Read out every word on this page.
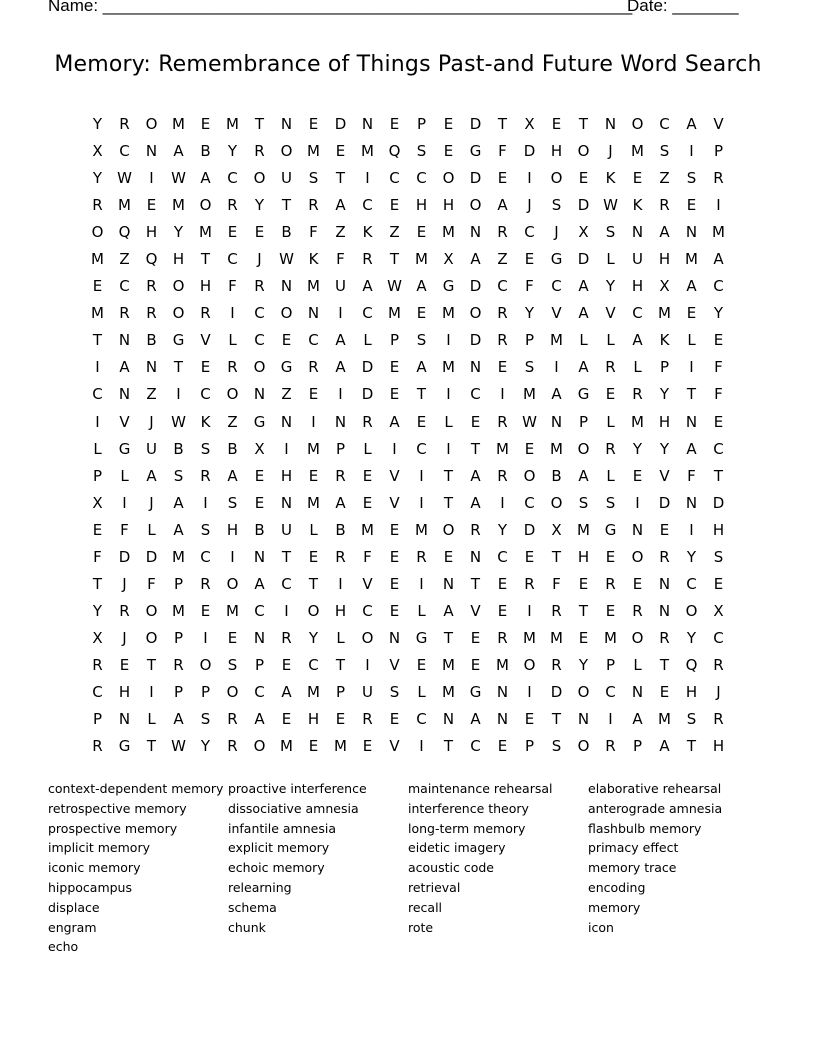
Name: ________________________________________________________
Date: _______
Memory: Remembrance of Things Past-and Future Word Search
Y	R	O M	E	M	T	N	E	D	N	E	P	E	D	T	X	E	T	N	O	C	A	V
X	C	N	A	B	Y	R	O M	E	M Q	S	E	G	F	D	H	O	J	M	S	I	P
Y	W	I	W A	C	O	U	S	T	I	C	C	O	D	E	I	O	E	K	E	Z	S	R
R	M	E	M O	R	Y	T	R	A	C	E	H	H	O	A	J	S	D W K	R	E	I
O	Q	H	Y	M	E	E	B	F	Z	K	Z	E	M N	R	C	J	X	S	N	A	N M
M	Z	Q	H	T	C	J	W K	F	R	T	M	X	A	Z	E	G	D	L	U	H M	A
E	C	R	O	H	F	R	N M	U	A W A	G	D	C	F	C	A	Y	H	X	A	C
M	R	R	O	R	I	C	O	N	I	C	M	E	M O	R	Y	V	A	V	C	M	E	Y
T	N	B	G	V	L	C	E	C	A	L	P	S	I	D	R	P	M	L	L	A	K	L	E
I	A	N	T	E	R	O	G	R	A	D	E	A	M N	E	S	I	A	R	L	P	I	F
C	N	Z	I	C	O	N	Z	E	I	D	E	T	I	C	I	M	A	G	E	R	Y	T	F
I	V	J	W K	Z	G	N	I	N	R	A	E	L	E	R W N	P	L	M H	N	E
L	G	U	B	S	B	X	I	M	P	L	I	C	I	T	M	E	M O	R	Y	Y	A	C
P	L	A	S	R	A	E	H	E	R	E	V	I	T	A	R	O	B	A	L	E	V	F	T
X	I	J	A	I	S	E	N M	A	E	V	I	T	A	I	C	O	S	S	I	D	N	D
E	F	L	A	S	H	B	U	L	B	M	E	M O	R	Y	D	X	M G	N	E	I	H
F	D	D M	C	I	N	T	E	R	F	E	R	E	N	C	E	T	H	E	O	R	Y	S
T	J	F	P	R	O	A	C	T	I	V	E	I	N	T	E	R	F	E	R	E	N	C	E
Y	R	O M	E	M	C	I	O	H	C	E	L	A	V	E	I	R	T	E	R	N	O	X
X	J	O	P	I	E	N	R	Y	L	O	N	G	T	E	R	M M	E	M O	R	Y	C
R	E	T	R	O	S	P	E	C	T	I	V	E	M	E	M O	R	Y	P	L	T	Q	R
C	H	I	P	P	O	C	A	M	P	U	S	L	M G	N	I	D	O	C	N	E	H	J
P	N	L	A	S	R	A	E	H	E	R	E	C	N	A	N	E	T	N	I	A	M	S	R
R	G	T	W Y	R	O M	E	M	E	V	I	T	C	E	P	S	O	R	P	A	T	H
context-dependent memory
retrospective memory
prospective memory
implicit memory
iconic memory
hippocampus
displace
engram
echo
proactive interference
dissociative amnesia
infantile amnesia
explicit memory
echoic memory
relearning
schema
chunk
maintenance rehearsal
interference theory
long-term memory
eidetic imagery
acoustic code
retrieval
recall
rote
elaborative rehearsal
anterograde amnesia
flashbulb memory
primacy effect
memory trace
encoding
memory
icon
